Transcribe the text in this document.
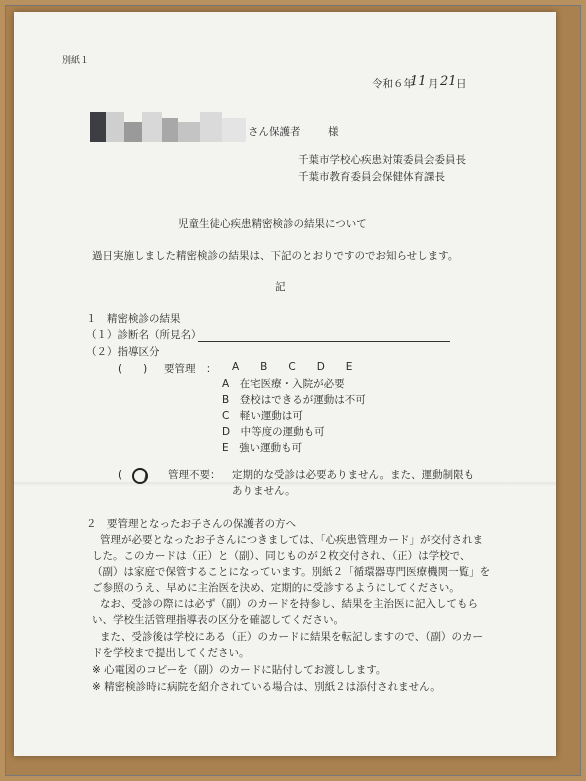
別紙１
令和６年
11 月 21 日
さん保護者	様
千葉市学校心疾患対策委員会委員長
千葉市教育委員会保健体育課長
児童生徒心疾患精密検診の結果について
過日実施しました精密検診の結果は、下記のとおりですのでお知らせします。
記
１　精密検診の結果
（１）診断名（所見名）
（２）指導区分
(　　) 要管理　： A　　B　　C　　D　　E
A　在宅医療・入院が必要
B　登校はできるが運動は不可
C　軽い運動は可
D　中等度の運動も可
E　強い運動も可
(　　) 管理不要： 定期的な受診は必要ありません。また、運動制限も
ありません。
２　要管理となったお子さんの保護者の方へ
管理が必要となったお子さんにつきましては、「心疾患管理カード」が交付されま
した。このカードは（正）と（副）、同じものが２枚交付され、（正）は学校で、
（副）は家庭で保管することになっています。別紙２「循環器専門医療機関一覧」を
ご参照のうえ、早めに主治医を決め、定期的に受診するようにしてください。
なお、受診の際には必ず（副）のカードを持参し、結果を主治医に記入してもら
い、学校生活管理指導表の区分を確認してください。
また、受診後は学校にある（正）のカードに結果を転記しますので、（副）のカー
ドを学校まで提出してください。
※ 心電図のコピーを（副）のカードに貼付してお渡しします。
※ 精密検診時に病院を紹介されている場合は、別紙２は添付されません。
